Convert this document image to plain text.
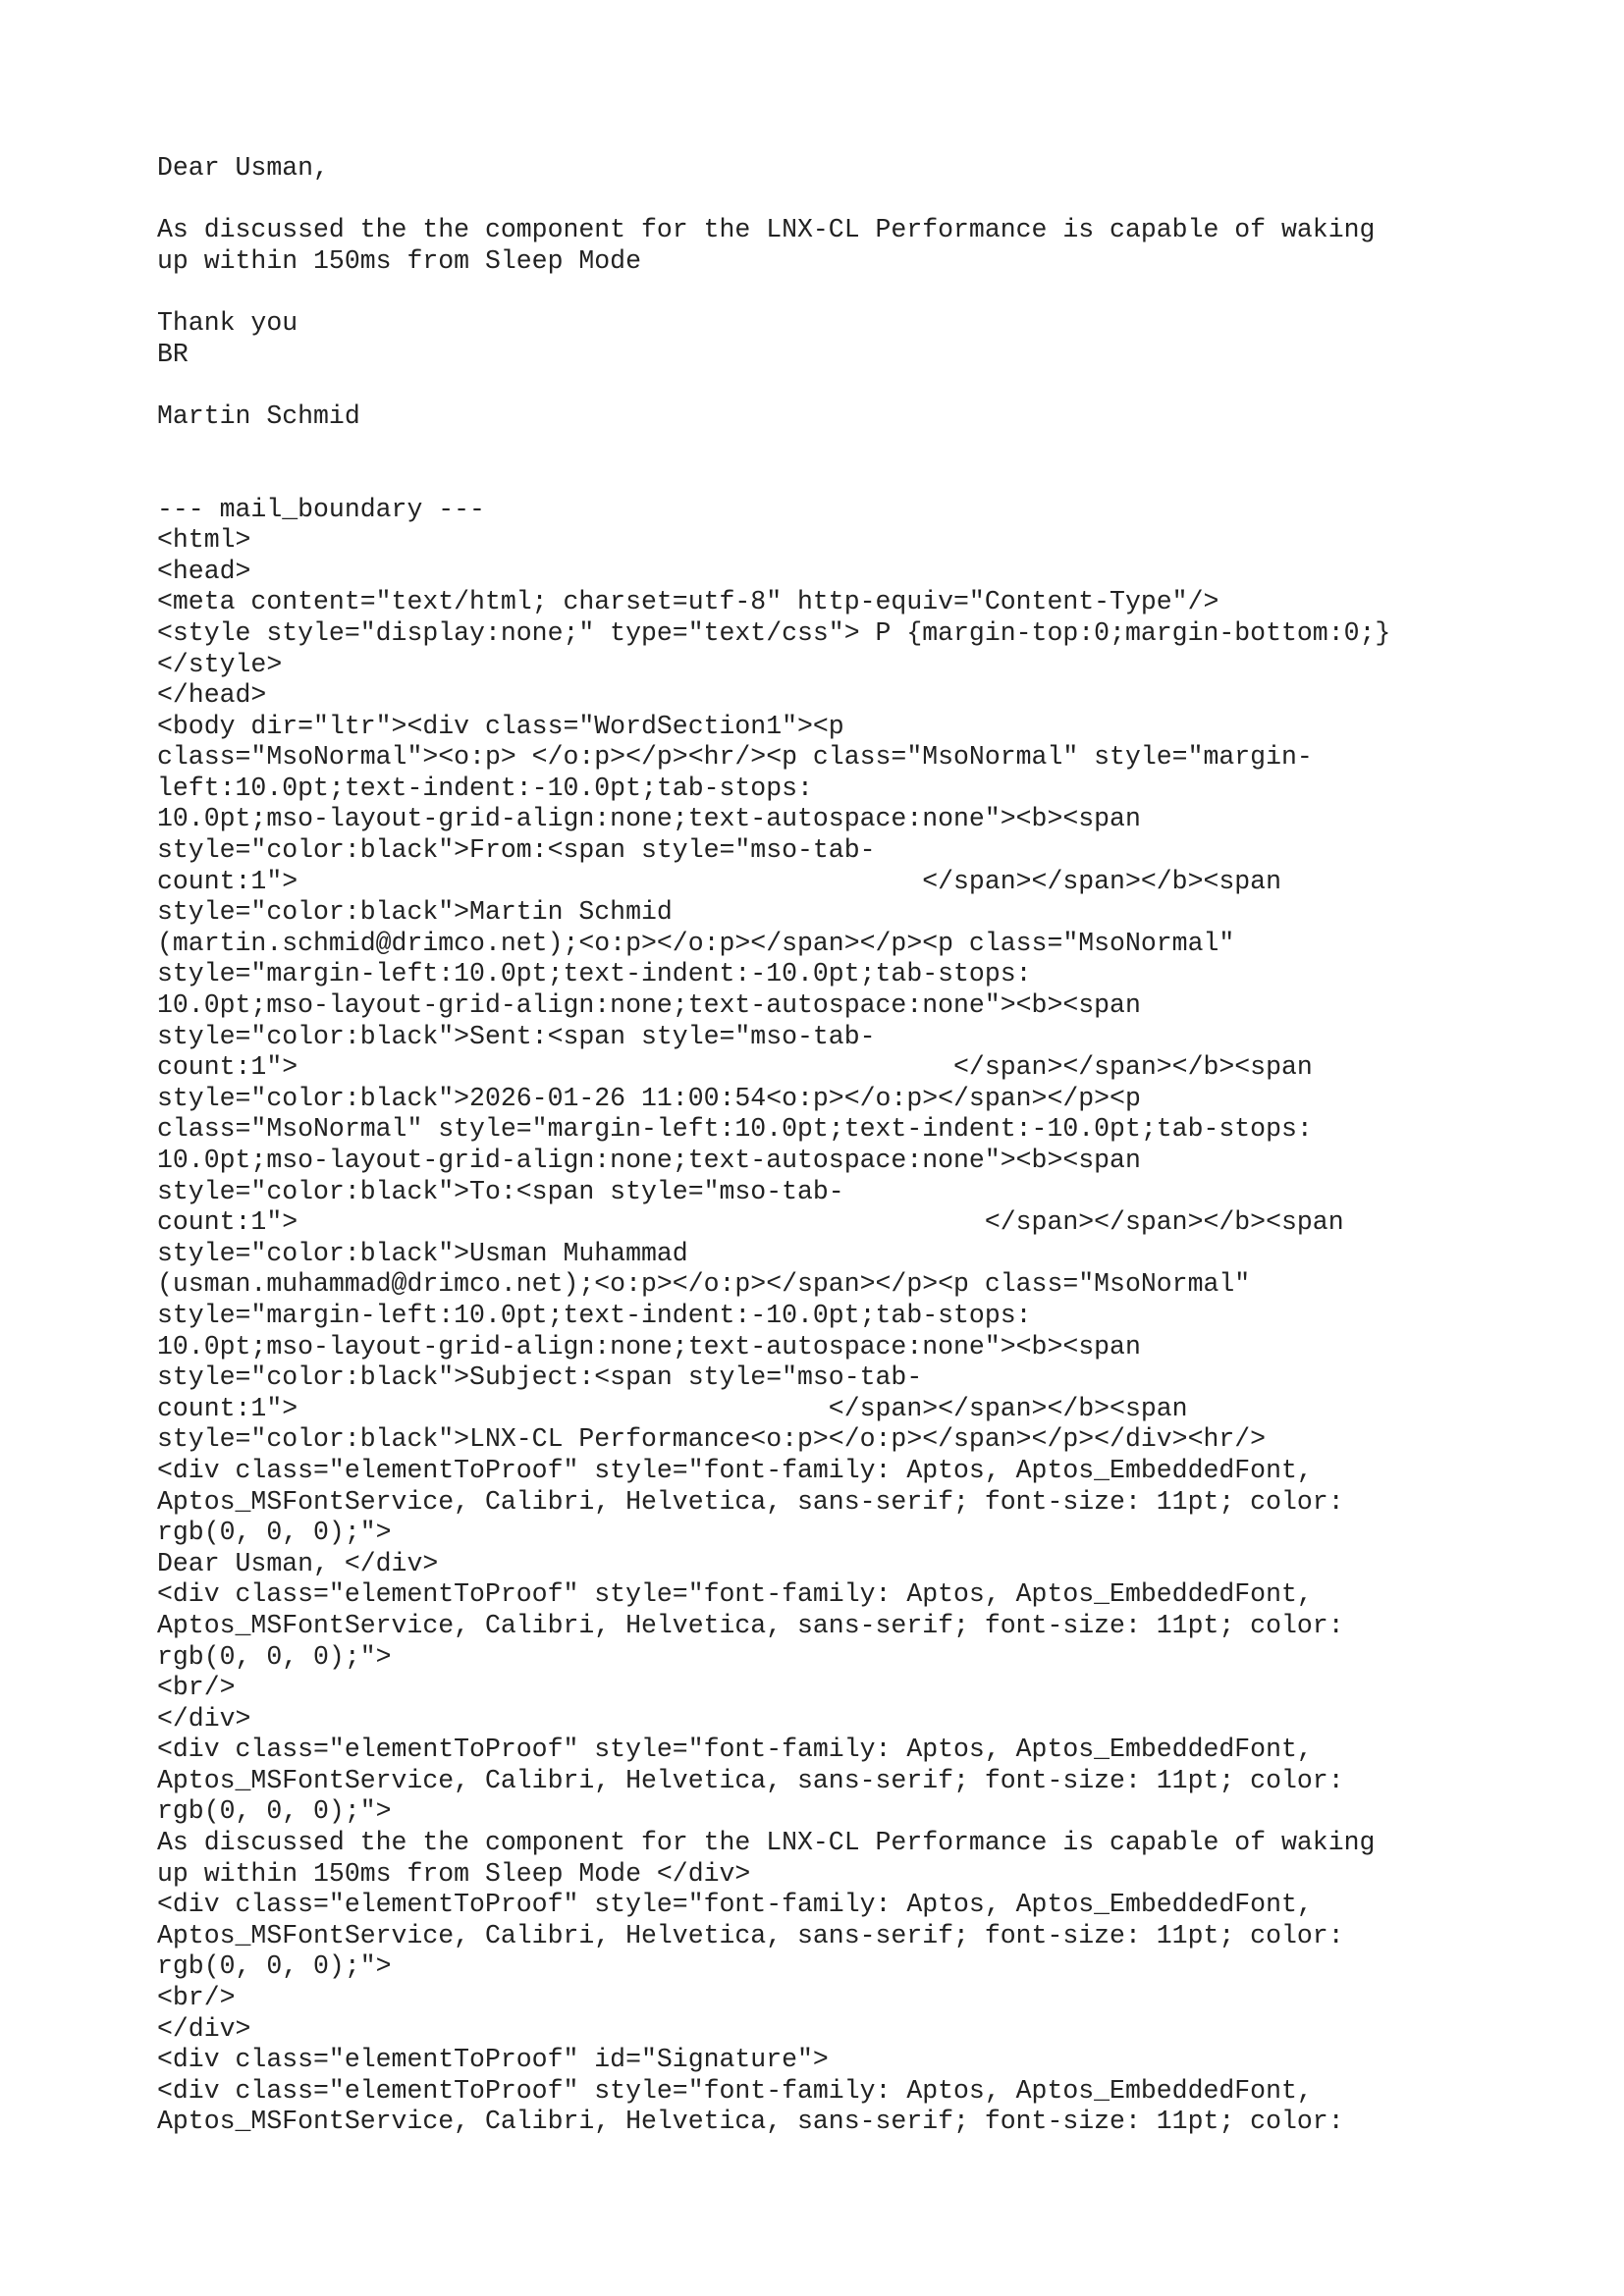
Dear Usman,
As discussed the the component for the LNX-CL Performance is capable of waking
up within 150ms from Sleep Mode
Thank you
BR
Martin Schmid
--- mail_boundary ---
<html>
<head>
<meta content="text/html; charset=utf-8" http-equiv="Content-Type"/>
<style style="display:none;" type="text/css"> P {margin-top:0;margin-bottom:0;}
</style>
</head>
<body dir="ltr"><div class="WordSection1"><p
class="MsoNormal"><o:p> </o:p></p><hr/><p class="MsoNormal" style="margin-
left:10.0pt;text-indent:-10.0pt;tab-stops:
10.0pt;mso-layout-grid-align:none;text-autospace:none"><b><span
style="color:black">From:<span style="mso-tab-
count:1">                                        </span></span></b><span
style="color:black">Martin Schmid
(martin.schmid@drimco.net);<o:p></o:p></span></p><p class="MsoNormal"
style="margin-left:10.0pt;text-indent:-10.0pt;tab-stops:
10.0pt;mso-layout-grid-align:none;text-autospace:none"><b><span
style="color:black">Sent:<span style="mso-tab-
count:1">                                          </span></span></b><span
style="color:black">2026-01-26 11:00:54<o:p></o:p></span></p><p
class="MsoNormal" style="margin-left:10.0pt;text-indent:-10.0pt;tab-stops:
10.0pt;mso-layout-grid-align:none;text-autospace:none"><b><span
style="color:black">To:<span style="mso-tab-
count:1">                                            </span></span></b><span
style="color:black">Usman Muhammad
(usman.muhammad@drimco.net);<o:p></o:p></span></p><p class="MsoNormal"
style="margin-left:10.0pt;text-indent:-10.0pt;tab-stops:
10.0pt;mso-layout-grid-align:none;text-autospace:none"><b><span
style="color:black">Subject:<span style="mso-tab-
count:1">                                  </span></span></b><span
style="color:black">LNX-CL Performance<o:p></o:p></span></p></div><hr/>
<div class="elementToProof" style="font-family: Aptos, Aptos_EmbeddedFont,
Aptos_MSFontService, Calibri, Helvetica, sans-serif; font-size: 11pt; color:
rgb(0, 0, 0);">
Dear Usman, </div>
<div class="elementToProof" style="font-family: Aptos, Aptos_EmbeddedFont,
Aptos_MSFontService, Calibri, Helvetica, sans-serif; font-size: 11pt; color:
rgb(0, 0, 0);">
<br/>
</div>
<div class="elementToProof" style="font-family: Aptos, Aptos_EmbeddedFont,
Aptos_MSFontService, Calibri, Helvetica, sans-serif; font-size: 11pt; color:
rgb(0, 0, 0);">
As discussed the the component for the LNX-CL Performance is capable of waking
up within 150ms from Sleep Mode </div>
<div class="elementToProof" style="font-family: Aptos, Aptos_EmbeddedFont,
Aptos_MSFontService, Calibri, Helvetica, sans-serif; font-size: 11pt; color:
rgb(0, 0, 0);">
<br/>
</div>
<div class="elementToProof" id="Signature">
<div class="elementToProof" style="font-family: Aptos, Aptos_EmbeddedFont,
Aptos_MSFontService, Calibri, Helvetica, sans-serif; font-size: 11pt; color:
